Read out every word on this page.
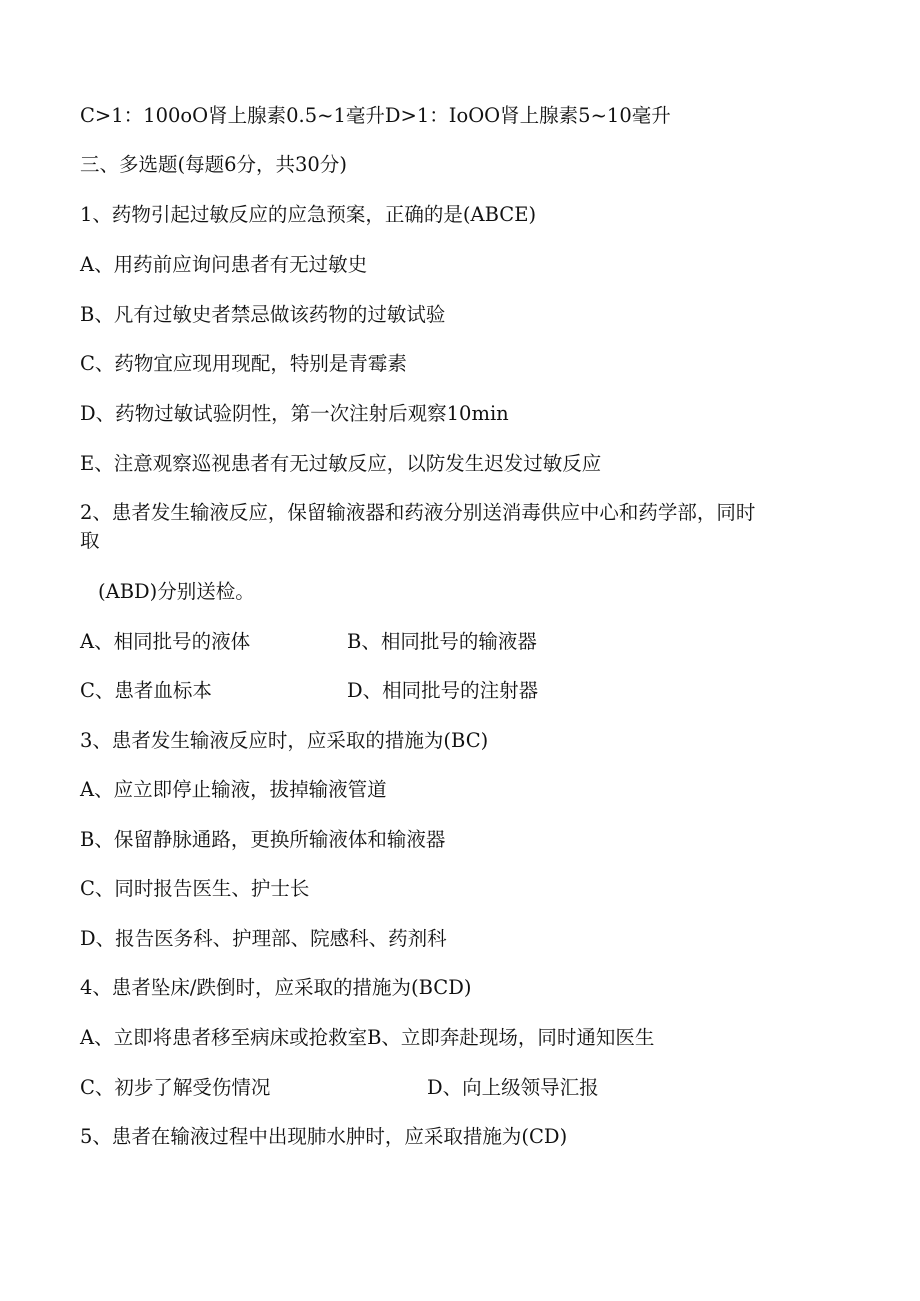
C>1：100oO肾上腺素0.5~1毫升D>1：IoOO肾上腺素5~10毫升
三、多选题(每题6分，共30分)
1、药物引起过敏反应的应急预案，正确的是(ABCE)
A、用药前应询问患者有无过敏史
B、凡有过敏史者禁忌做该药物的过敏试验
C、药物宜应现用现配，特别是青霉素
D、药物过敏试验阴性，第一次注射后观察10min
E、注意观察巡视患者有无过敏反应，以防发生迟发过敏反应
2、患者发生输液反应，保留输液器和药液分别送消毒供应中心和药学部，同时
取
(ABD)分别送检。
A、相同批号的液体	B、相同批号的输液器
C、患者血标本	D、相同批号的注射器
3、患者发生输液反应时，应采取的措施为(BC)
A、应立即停止输液，拔掉输液管道
B、保留静脉通路，更换所输液体和输液器
C、同时报告医生、护士长
D、报告医务科、护理部、院感科、药剂科
4、患者坠床/跌倒时，应采取的措施为(BCD)
A、立即将患者移至病床或抢救室B、立即奔赴现场，同时通知医生
C、初步了解受伤情况	D、向上级领导汇报
5、患者在输液过程中出现肺水肿时，应采取措施为(CD)
